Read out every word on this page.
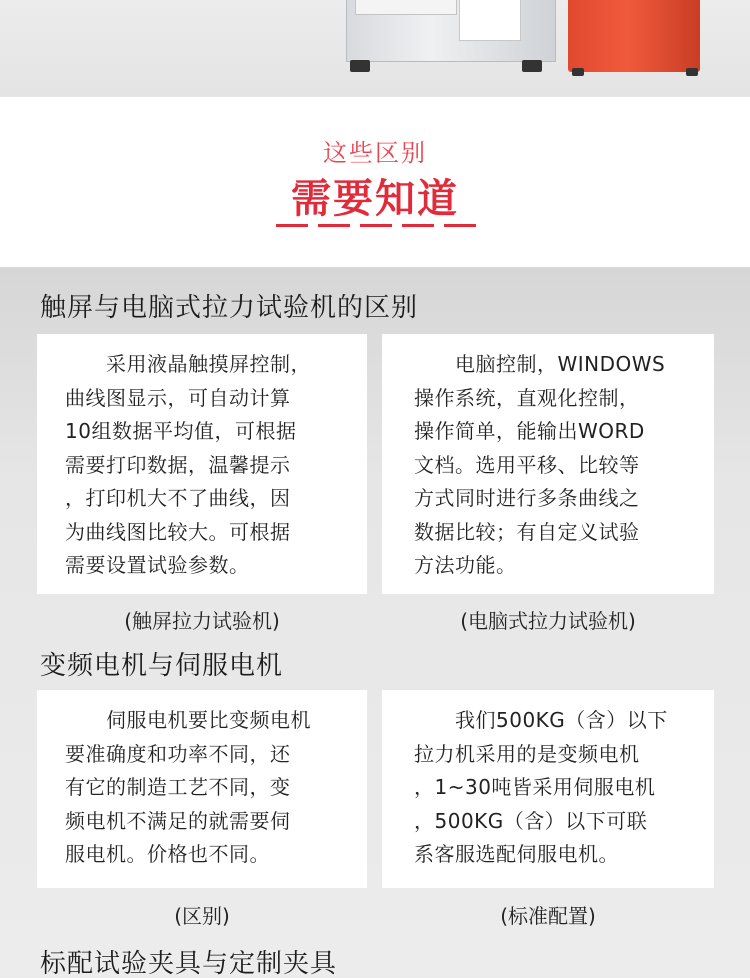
这些区别
需要知道
触屏与电脑式拉力试验机的区别

　　采用液晶触摸屏控制，
曲线图显示，可自动计算
10组数据平均值，可根据
需要打印数据，温馨提示
，打印机大不了曲线，因
为曲线图比较大。可根据
需要设置试验参数。

　　电脑控制，WINDOWS
操作系统，直观化控制，
操作简单，能输出WORD
文档。选用平移、比较等
方式同时进行多条曲线之
数据比较；有自定义试验
方法功能。

(触屏拉力试验机)	(电脑式拉力试验机)
变频电机与伺服电机

　　伺服电机要比变频电机
要准确度和功率不同，还
有它的制造工艺不同，变
频电机不满足的就需要伺
服电机。价格也不同。

　　我们500KG（含）以下
拉力机采用的是变频电机
，1~30吨皆采用伺服电机
，500KG（含）以下可联
系客服选配伺服电机。

(区别)	(标准配置)
标配试验夹具与定制夹具
